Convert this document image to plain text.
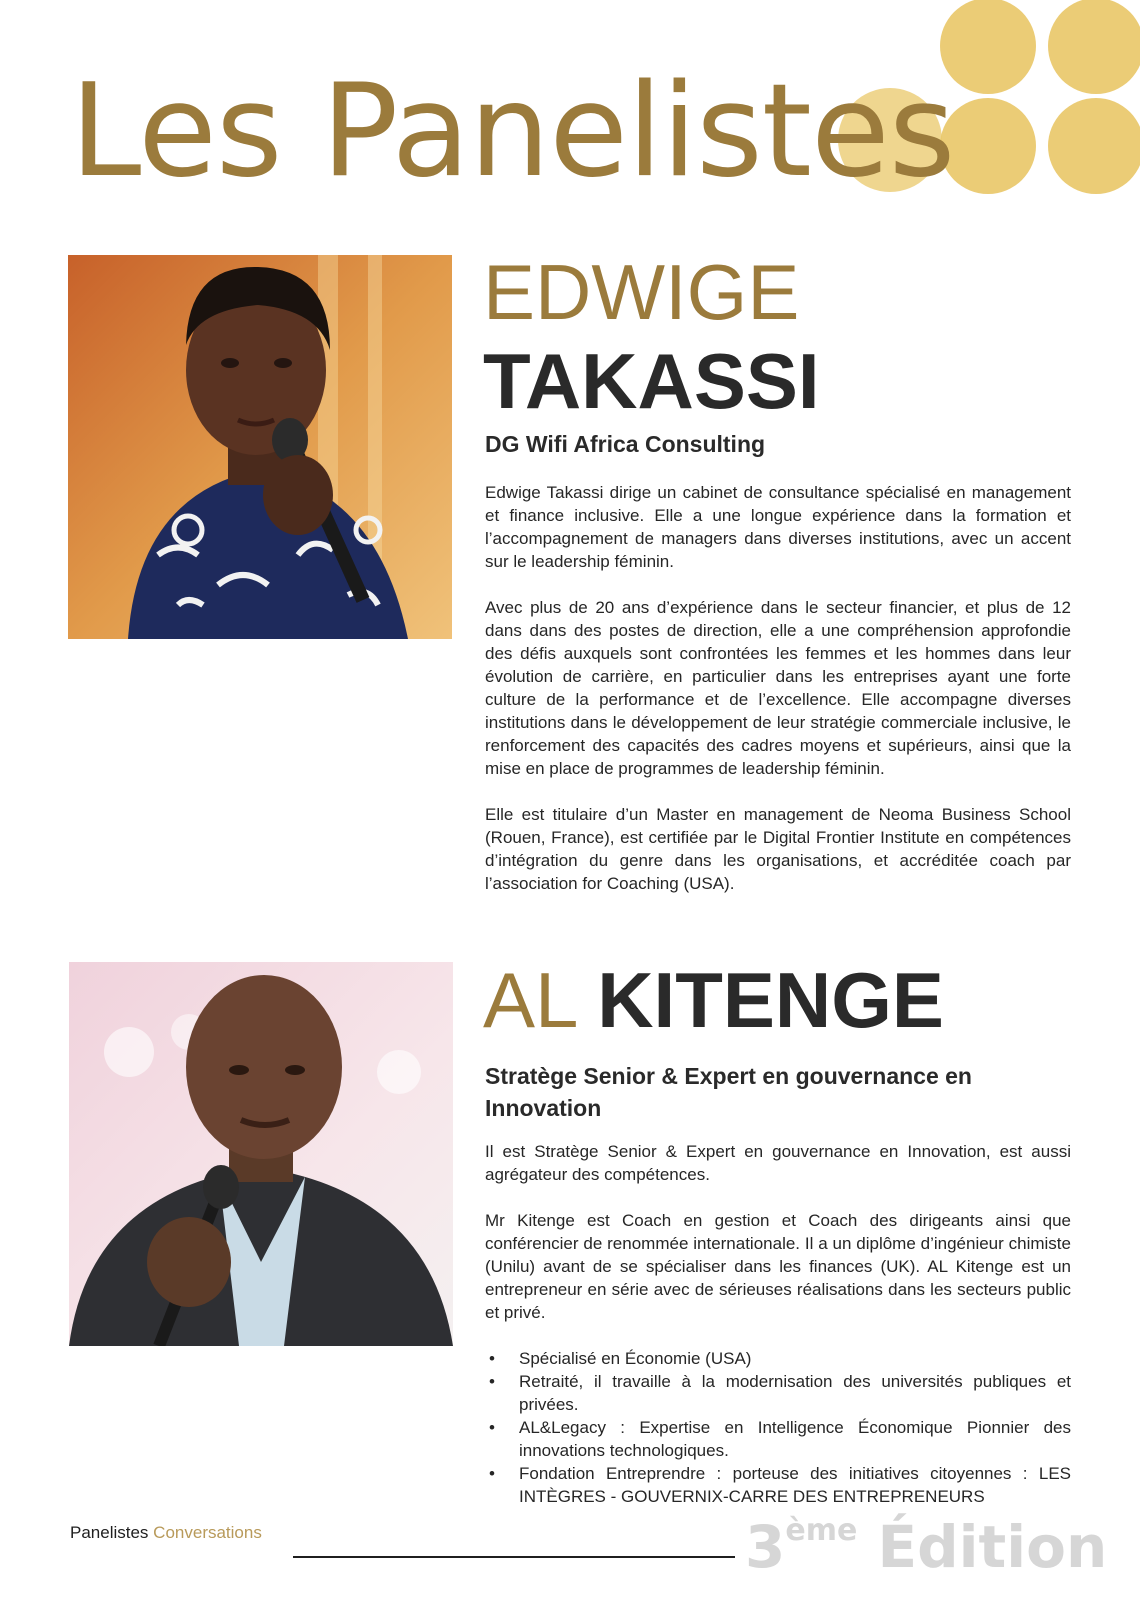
Les Panelistes
EDWIGE
TAKASSI
DG Wifi Africa Consulting

Edwige Takassi dirige un cabinet de consultance spécialisé en management et finance inclusive. Elle a une longue expérience dans la formation et l’accompagnement de managers dans diverses institutions, avec un accent sur le leadership féminin.

Avec plus de 20 ans d’expérience dans le secteur financier, et plus de 12 dans dans des postes de direction, elle a une compréhension approfondie des défis auxquels sont confrontées les femmes et les hommes dans leur évolution de carrière, en particulier dans les entreprises ayant une forte culture de la performance et de l’excellence. Elle accompagne diverses institutions dans le développement de leur stratégie commerciale inclusive, le renforcement des capacités des cadres moyens et supérieurs, ainsi que la mise en place de programmes de leadership féminin.

Elle est titulaire d’un Master en management de Neoma Business School (Rouen, France), est certifiée par le Digital Frontier Institute en compétences d’intégration du genre dans les organisations, et accréditée coach par l’association for Coaching (USA).

AL KITENGE
Stratège Senior & Expert en gouvernance en Innovation

Il est Stratège Senior & Expert en gouvernance en Innovation, est aussi agrégateur des compétences.

Mr Kitenge est Coach en gestion et Coach des dirigeants ainsi que conférencier de renommée internationale. Il a un diplôme d’ingénieur chimiste (Unilu) avant de se spécialiser dans les finances (UK). AL Kitenge est un entrepreneur en série avec de sérieuses réalisations dans les secteurs public et privé.

• Spécialisé en Économie (USA)
• Retraité, il travaille à la modernisation des universités publiques et privées.
• AL&Legacy : Expertise en Intelligence Économique Pionnier des innovations technologiques.
• Fondation Entreprendre : porteuse des initiatives citoyennes : LES INTÈGRES - GOUVERNIX-CARRE DES ENTREPRENEURS
Panelistes Conversations	3ème Édition
